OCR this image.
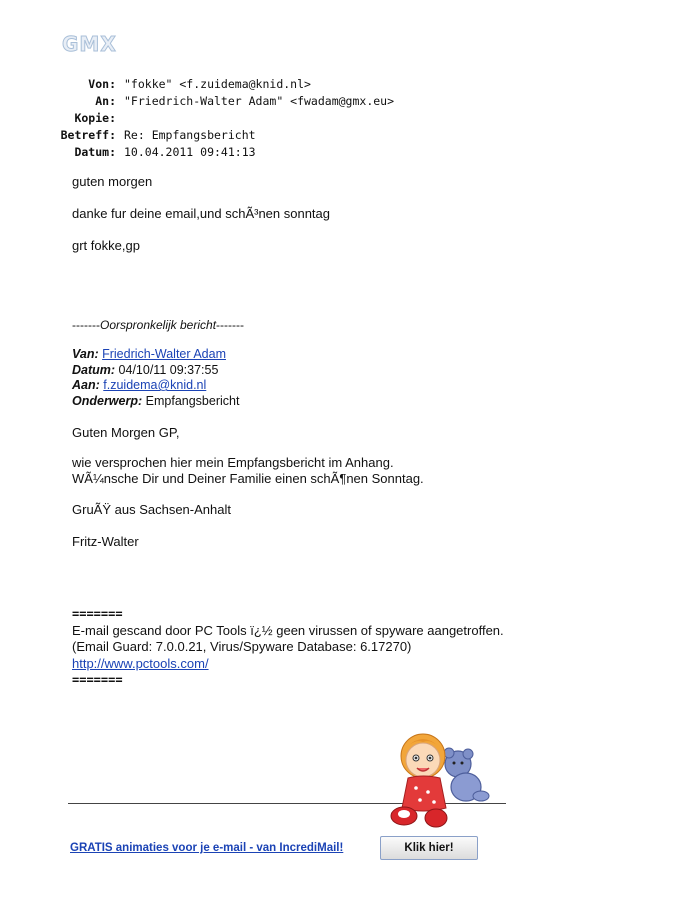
GMX
Von: "fokke" <f.zuidema@knid.nl>
An: "Friedrich-Walter Adam" <fwadam@gmx.eu>
Kopie:
Betreff: Re: Empfangsbericht
Datum: 10.04.2011 09:41:13
guten morgen
danke fur deine email,und schÃ³nen sonntag
grt fokke,gp
-------Oorspronkelijk bericht-------
Van: Friedrich-Walter Adam
Datum: 04/10/11 09:37:55
Aan: f.zuidema@knid.nl
Onderwerp: Empfangsbericht
Guten Morgen GP,
wie versprochen hier mein Empfangsbericht im Anhang.
WÃ¼nsche Dir und Deiner Familie einen schÃ¶nen Sonntag.
GruÃŸ aus Sachsen-Anhalt
Fritz-Walter
=======
E-mail gescand door PC Tools ï¿½ geen virussen of spyware aangetroffen.
(Email Guard: 7.0.0.21, Virus/Spyware Database: 6.17270)
http://www.pctools.com/
=======
GRATIS animaties voor je e-mail - van IncrediMail!	Klik hier!
